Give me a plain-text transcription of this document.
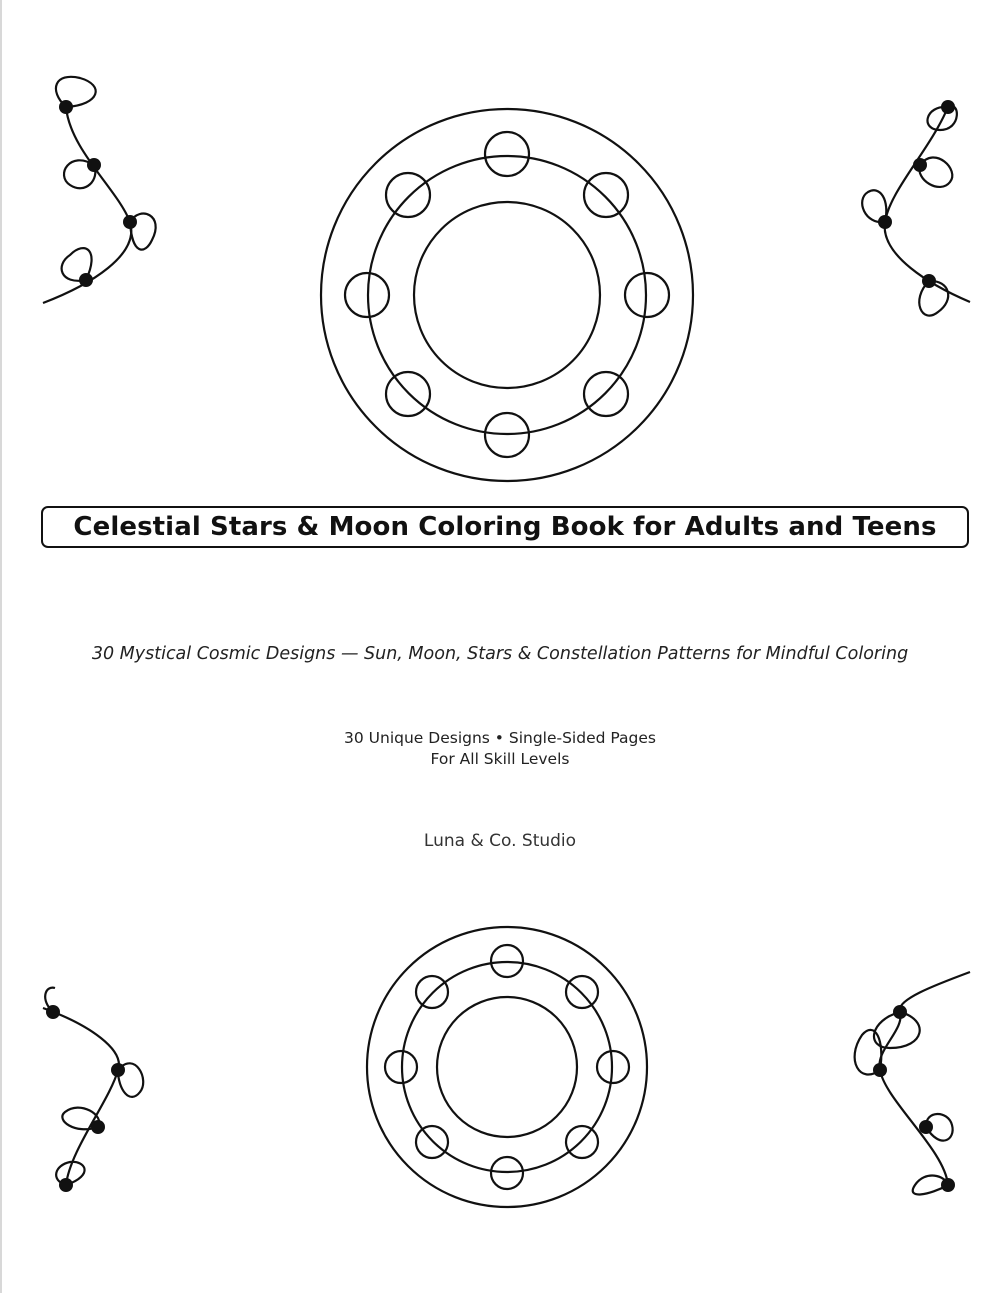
Celestial Stars & Moon Coloring Book for Adults and Teens
30 Mystical Cosmic Designs — Sun, Moon, Stars & Constellation Patterns for Mindful Coloring
30 Unique Designs • Single-Sided Pages
For All Skill Levels
Luna & Co. Studio
